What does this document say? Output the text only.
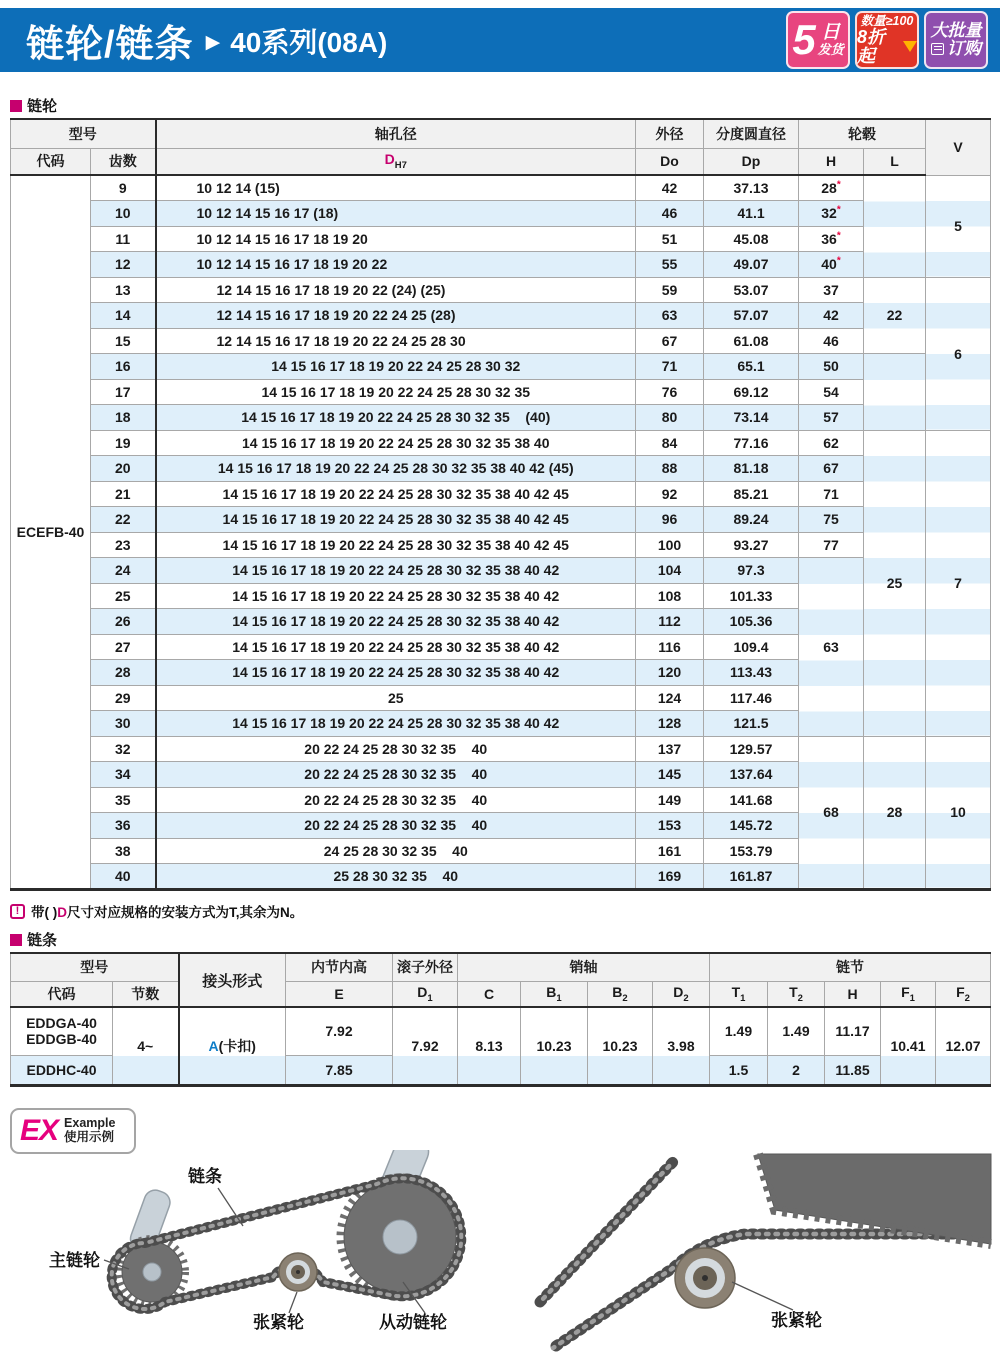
链轮/链条 ▶ 40系列(08A)	5 日
发货
数量≥100
8折起
大批量
订购
链轮
型号		轴孔径	外径	分度圆直径	轮毂		V
代码	齿数	$D_{H7}$	Do	Dp	H	L	
ECEFB-40	9	10 12 14 (15)	42	37.13	28*		5
	10	10 12 14 15 16 17 (18)	46	41.1	32*
	11	10 12 14 15 16 17 18 19 20	51	45.08	36*
	12	10 12 14 15 16 17 18 19 20 22	55	49.07	40*
	13	12 14 15 16 17 18 19 20 22 (24) (25)	59	53.07	37	22	6
	14	12 14 15 16 17 18 19 20 22 24 25 (28)	63	57.07	42		
	15	12 14 15 16 17 18 19 20 22 24 25 28 30	67	61.08	46		
	16	14 15 16 17 18 19 20 22 24 25 28 30 32	71	65.1	50		
	17	14 15 16 17 18 19 20 22 24 25 28 30 32 35	76	69.12	54		
	18	14 15 16 17 18 19 20 22 24 25 28 30 32 35    (40)	80	73.14	57		
	19	14 15 16 17 18 19 20 22 24 25 28 30 32 35 38 40	84	77.16	62	25	7
	20	14 15 16 17 18 19 20 22 24 25 28 30 32 35 38 40 42 (45)	88	81.18	67		
	21	14 15 16 17 18 19 20 22 24 25 28 30 32 35 38 40 42 45	92	85.21	71		
	22	14 15 16 17 18 19 20 22 24 25 28 30 32 35 38 40 42 45	96	89.24	75		
	23	14 15 16 17 18 19 20 22 24 25 28 30 32 35 38 40 42 45	100	93.27	77		
	24	14 15 16 17 18 19 20 22 24 25 28 30 32 35 38 40 42	104	97.3	63		
	25	14 15 16 17 18 19 20 22 24 25 28 30 32 35 38 40 42	108	101.33			
	26	14 15 16 17 18 19 20 22 24 25 28 30 32 35 38 40 42	112	105.36			
	27	14 15 16 17 18 19 20 22 24 25 28 30 32 35 38 40 42	116	109.4			
	28	14 15 16 17 18 19 20 22 24 25 28 30 32 35 38 40 42	120	113.43			
	29	25	124	117.46			
	30	14 15 16 17 18 19 20 22 24 25 28 30 32 35 38 40 42	128	121.5			
	32	20 22 24 25 28 30 32 35    40	137	129.57	68	28	10
	34	20 22 24 25 28 30 32 35    40	145	137.64			
	35	20 22 24 25 28 30 32 35    40	149	141.68			
	36	20 22 24 25 28 30 32 35    40	153	145.72			
	38	24 25 28 30 32 35    40	161	153.79			
	40	25 28 30 32 35    40	169	161.87			
! 带( )D尺寸对应规格的安装方式为T,其余为N。
链条
型号		接头形式	内节内高	滚子外径	销轴				链节				
代码	节数		E	$D_1$	C	$B_1$	$B_2$	$D_2$	$T_1$	$T_2$	H	$F_1$	$F_2$

EDDGA-40
EDDGB-40	4~	A(卡扣)	7.92	7.92	8.13	10.23	10.23	3.98	1.49	1.49	11.17	10.41	12.07
EDDHC-40			7.85						1.5	2	11.85		
EX Example
使用示例
链条
主链轮
张紧轮	从动链轮	张紧轮
